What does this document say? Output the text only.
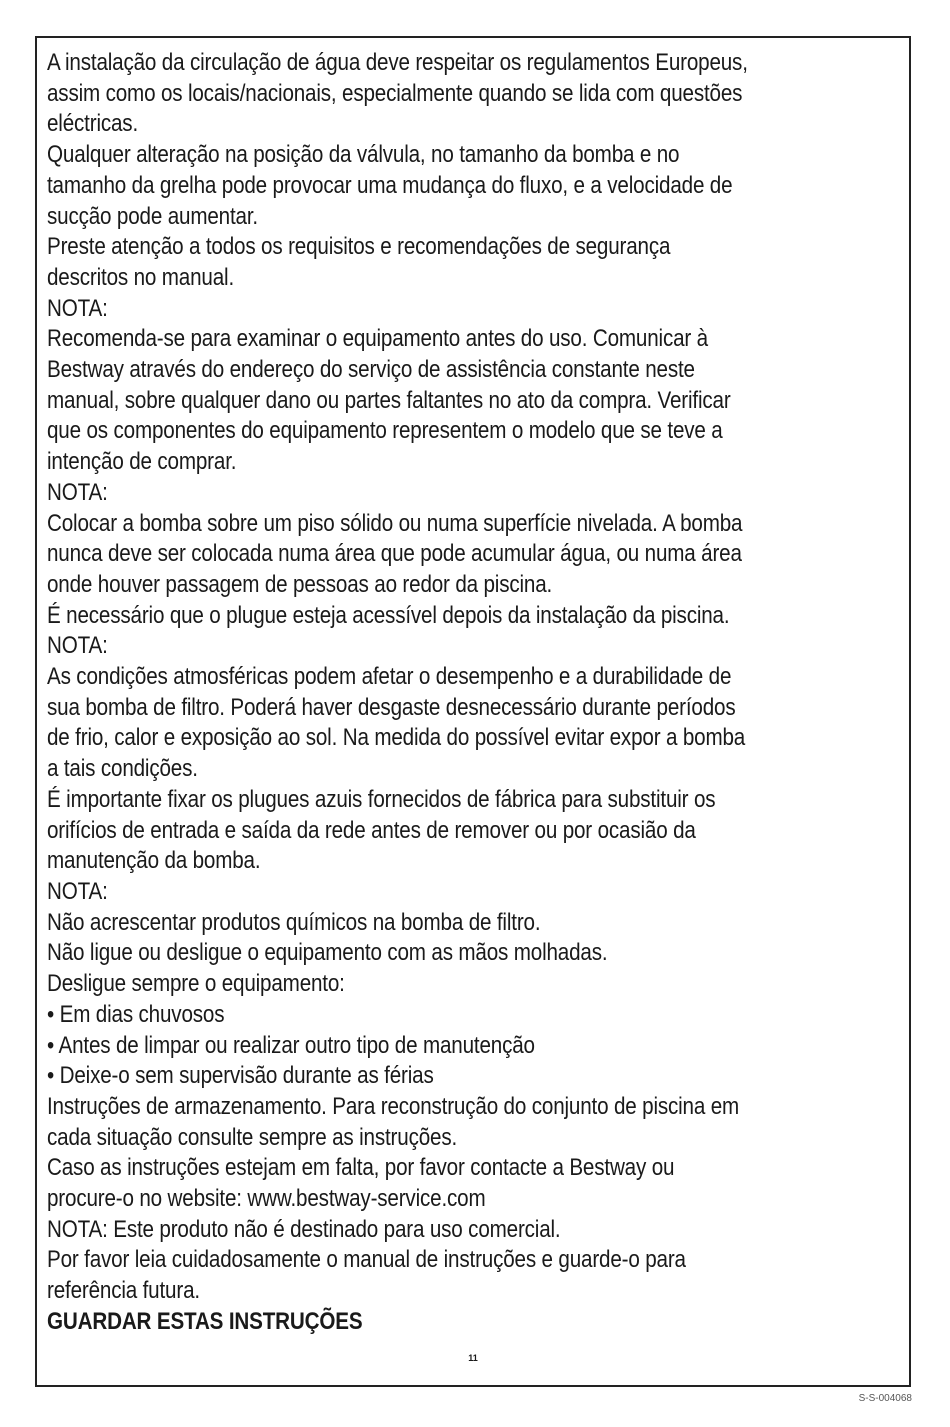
A instalação da circulação de água deve respeitar os regulamentos Europeus,
assim como os locais/nacionais, especialmente quando se lida com questões
eléctricas.
Qualquer alteração na posição da válvula, no tamanho da bomba e no
tamanho da grelha pode provocar uma mudança do fluxo, e a velocidade de
sucção pode aumentar.
Preste atenção a todos os requisitos e recomendações de segurança
descritos no manual.
NOTA:
Recomenda-se para examinar o equipamento antes do uso. Comunicar à
Bestway através do endereço do serviço de assistência constante neste
manual, sobre qualquer dano ou partes faltantes no ato da compra. Verificar
que os componentes do equipamento representem o modelo que se teve a
intenção de comprar.
NOTA:
Colocar a bomba sobre um piso sólido ou numa superfície nivelada. A bomba
nunca deve ser colocada numa área que pode acumular água, ou numa área
onde houver passagem de pessoas ao redor da piscina.
É necessário que o plugue esteja acessível depois da instalação da piscina.
NOTA:
As condições atmosféricas podem afetar o desempenho e a durabilidade de
sua bomba de filtro. Poderá haver desgaste desnecessário durante períodos
de frio, calor e exposição ao sol. Na medida do possível evitar expor a bomba
a tais condições.
É importante fixar os plugues azuis fornecidos de fábrica para substituir os
orifícios de entrada e saída da rede antes de remover ou por ocasião da
manutenção da bomba.
NOTA:
Não acrescentar produtos químicos na bomba de filtro.
Não ligue ou desligue o equipamento com as mãos molhadas.
Desligue sempre o equipamento:
• Em dias chuvosos
• Antes de limpar ou realizar outro tipo de manutenção
• Deixe-o sem supervisão durante as férias
Instruções de armazenamento. Para reconstrução do conjunto de piscina em
cada situação consulte sempre as instruções.
Caso as instruções estejam em falta, por favor contacte a Bestway ou
procure-o no website: www.bestway-service.com
NOTA: Este produto não é destinado para uso comercial.
Por favor leia cuidadosamente o manual de instruções e guarde-o para
referência futura.
GUARDAR ESTAS INSTRUÇÕES
11
S-S-004068
